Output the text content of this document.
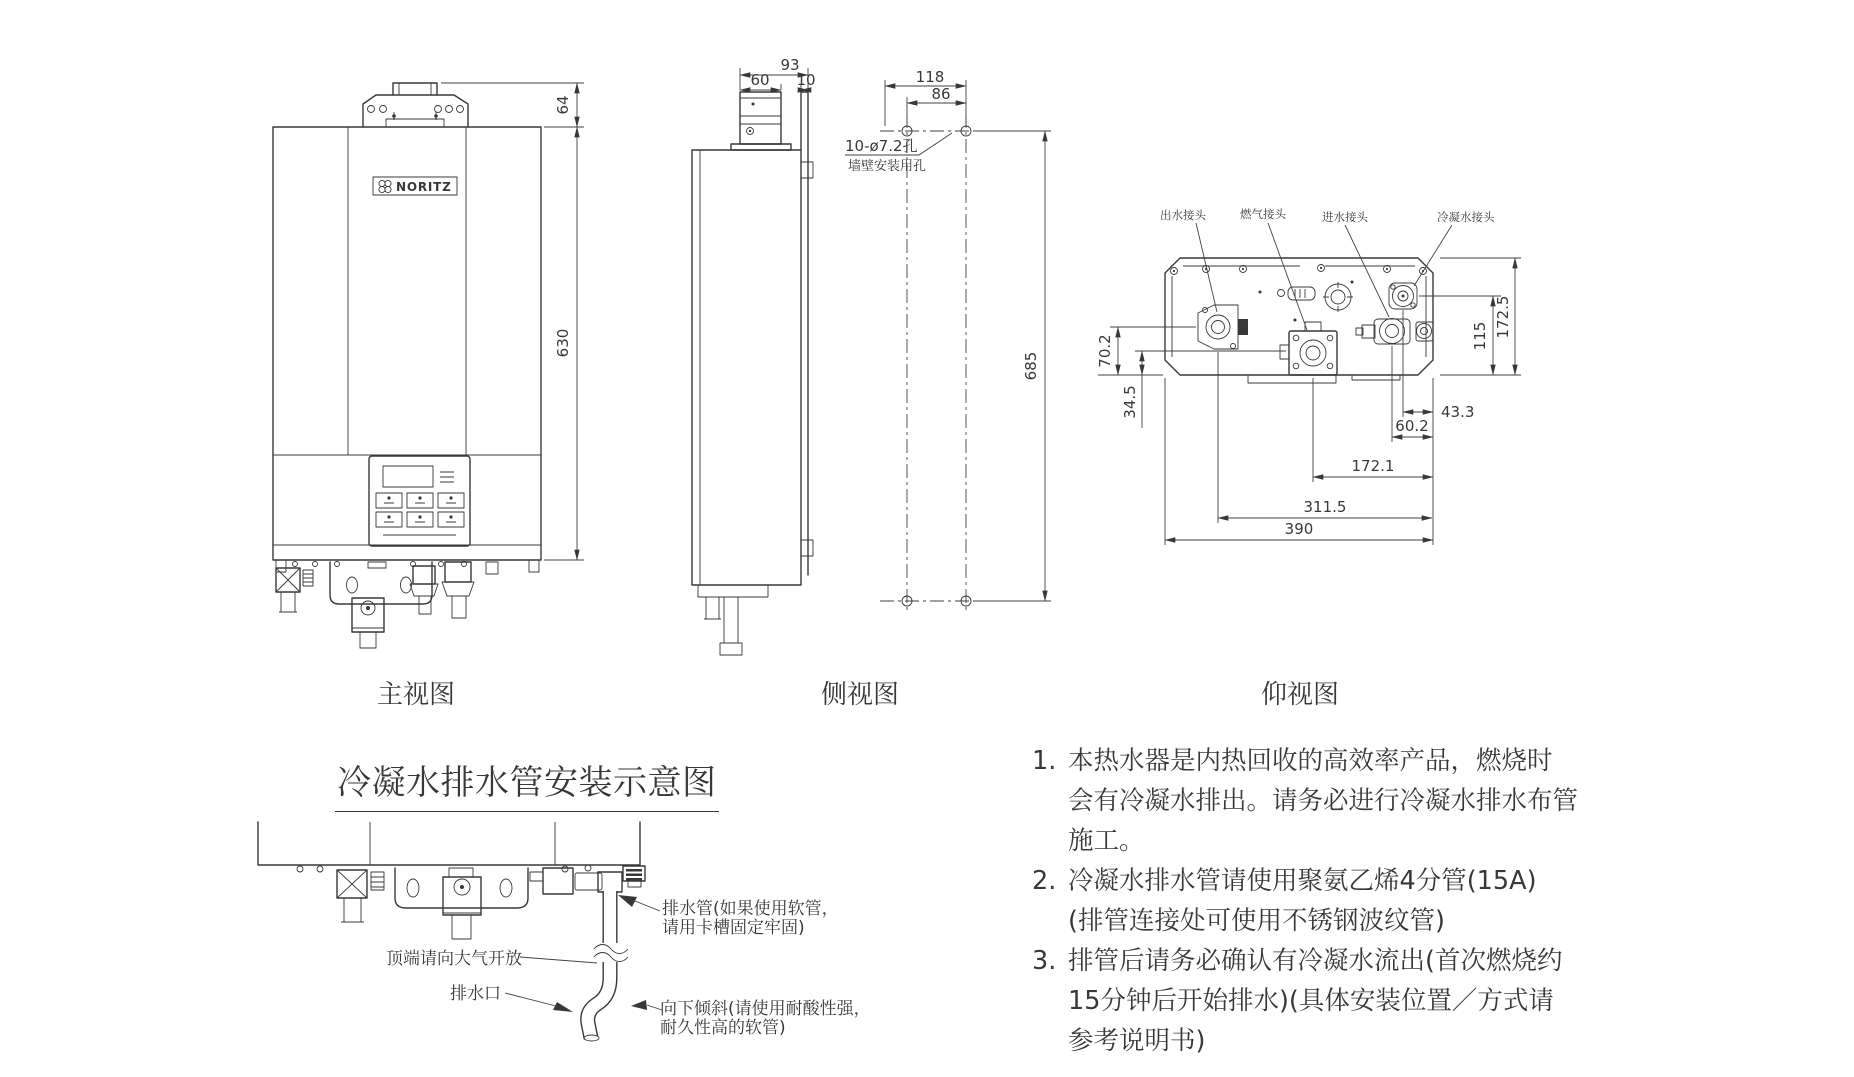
NORITZ
64
630
93
60 10	118
86
10-ø7.2孔
墙壁安装用孔
685
出水接头	燃气接头	进水接头	冷凝水接头
115 172.5
70.2
34.5	43.3
60.2
172.1
311.5
390
顶端请向大气开放
排水口
排水管(如果使用软管，
请用卡槽固定牢固)
向下倾斜(请使用耐酸性强，
耐久性高的软管)
主视图	侧视图	仰视图
冷凝水排水管安装示意图
1. 本热水器是内热回收的高效率产品，燃烧时
会有冷凝水排出。请务必进行冷凝水排水布管
施工。
2. 冷凝水排水管请使用聚氨乙烯4分管(15A)
(排管连接处可使用不锈钢波纹管)
3. 排管后请务必确认有冷凝水流出(首次燃烧约
15分钟后开始排水)(具体安装位置／方式请
参考说明书)
